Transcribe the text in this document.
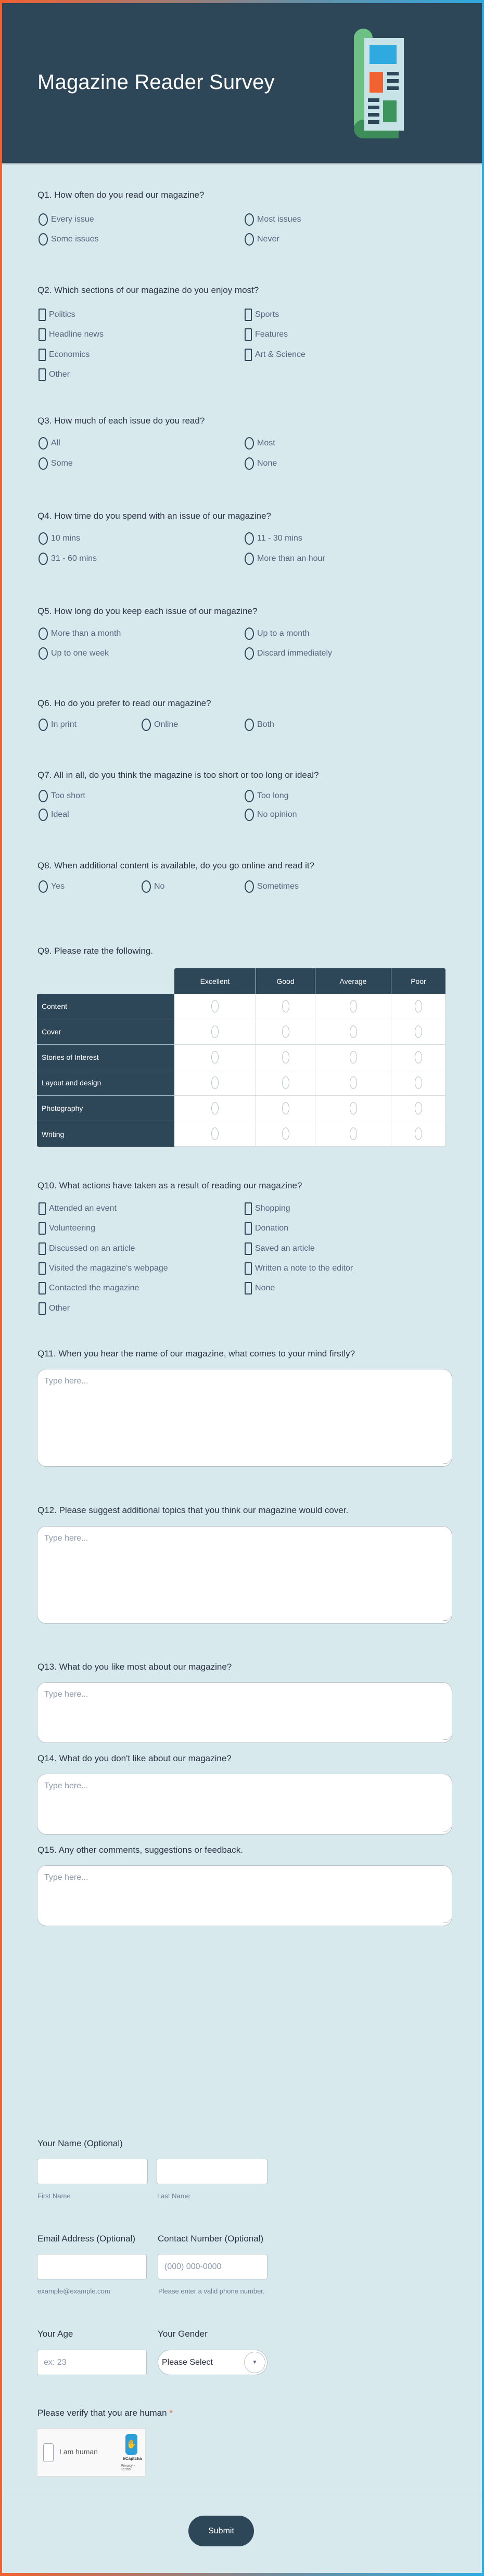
Magazine Reader Survey
Q1. How often do you read our magazine?
Every issue	Most issues
Some issues	Never
Q2. Which sections of our magazine do you enjoy most?
Politics	Sports
Headline news	Features
Economics	Art & Science
Other
Q3. How much of each issue do you read?
All	Most
Some	None
Q4. How time do you spend with an issue of our magazine?
10 mins	11 - 30 mins
31 - 60 mins	More than an hour
Q5. How long do you keep each issue of our magazine?
More than a month	Up to a month
Up to one week	Discard immediately
Q6. Ho do you prefer to read our magazine?
In print	Online	Both
Q7. All in all, do you think the magazine is too short or too long or ideal?
Too short	Too long
Ideal	No opinion
Q8. When additional content is available, do you go online and read it?
Yes	No	Sometimes
Q9. Please rate the following.
Excellent	Good	Average	Poor
Content
Cover
Stories of Interest
Layout and design
Photography
Writing
Q10. What actions have taken as a result of reading our magazine?
Attended an event	Shopping
Volunteering	Donation
Discussed on an article	Saved an article
Visited the magazine's webpage	Written a note to the editor
Contacted the magazine	None
Other
Q11. When you hear the name of our magazine, what comes to your mind firstly?
Type here...
Q12. Please suggest additional topics that you think our magazine would cover.
Type here...
Q13. What do you like most about our magazine?
Type here...
Q14. What do you don't like about our magazine?
Type here...
Q15. Any other comments, suggestions or feedback.
Type here...
Your Name (Optional)
First Name	Last Name
Email Address (Optional)	Contact Number (Optional)
(000) 000-0000
example@example.com	Please enter a valid phone number.
Your Age	Your Gender
ex: 23	Please Select	▼
Please verify that you are human *
I am human
✋
hCaptcha
Privacy - Terms
Submit
